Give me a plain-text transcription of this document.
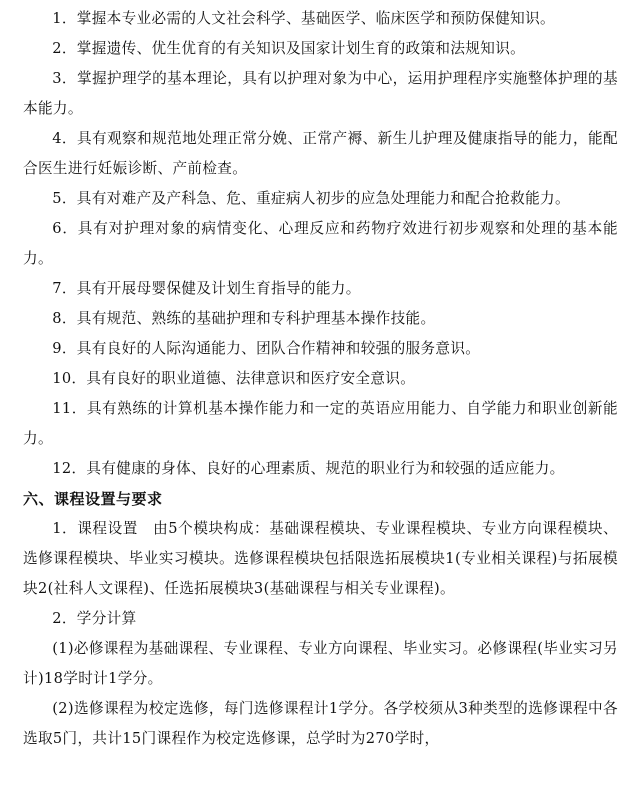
1．掌握本专业必需的人文社会科学、基础医学、临床医学和预防保健知识。

2．掌握遗传、优生优育的有关知识及国家计划生育的政策和法规知识。

3．掌握护理学的基本理论，具有以护理对象为中心，运用护理程序实施整体护理的基本能力。

4．具有观察和规范地处理正常分娩、正常产褥、新生儿护理及健康指导的能力，能配合医生进行妊娠诊断、产前检查。

5．具有对难产及产科急、危、重症病人初步的应急处理能力和配合抢救能力。

6．具有对护理对象的病情变化、心理反应和药物疗效进行初步观察和处理的基本能力。

7．具有开展母婴保健及计划生育指导的能力。

8．具有规范、熟练的基础护理和专科护理基本操作技能。

9．具有良好的人际沟通能力、团队合作精神和较强的服务意识。

10．具有良好的职业道德、法律意识和医疗安全意识。

11．具有熟练的计算机基本操作能力和一定的英语应用能力、自学能力和职业创新能力。

12．具有健康的身体、良好的心理素质、规范的职业行为和较强的适应能力。

六、课程设置与要求

1．课程设置　由5个模块构成：基础课程模块、专业课程模块、专业方向课程模块、选修课程模块、毕业实习模块。选修课程模块包括限选拓展模块1(专业相关课程)与拓展模块2(社科人文课程)、任选拓展模块3(基础课程与相关专业课程)。

2．学分计算

(1)必修课程为基础课程、专业课程、专业方向课程、毕业实习。必修课程(毕业实习另计)18学时计1学分。

(2)选修课程为校定选修，每门选修课程计1学分。各学校须从3种类型的选修课程中各选取5门，共计15门课程作为校定选修课，总学时为270学时，
